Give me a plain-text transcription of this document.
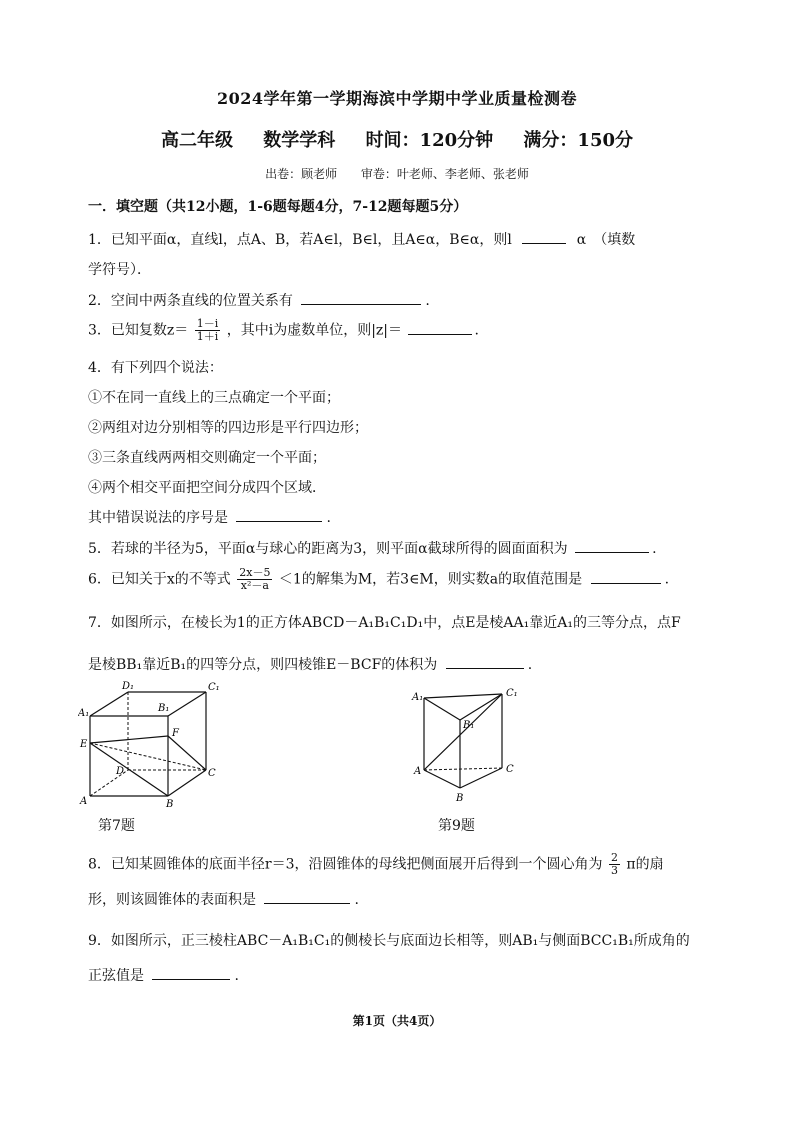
2024学年第一学期海滨中学期中学业质量检测卷
高二年级 数学学科 时间：120分钟 满分：150分
出卷：顾老师 审卷：叶老师、李老师、张老师
一．填空题（共12小题，1-6题每题4分，7-12题每题5分）
1．已知平面α，直线l，点A、B，若A∈l，B∈l，且A∈α，B∈α，则l	α　（填数
学符号）．
2．空间中两条直线的位置关系有	.
3．已知复数$z= \frac{1-i}{1+i}$ ，其中i为虚数单位，则|z|＝	.
4．有下列四个说法：
①不在同一直线上的三点确定一个平面；
②两组对边分别相等的四边形是平行四边形；
③三条直线两两相交则确定一个平面；
④两个相交平面把空间分成四个区域．
其中错误说法的序号是	.
5．若球的半径为5，平面α与球心的距离为3，则平面α截球所得的圆面面积为	.
6．已知关于x的不等式 $\frac{2x-5}{\text{x²－a}} <1$的解集为M，若3∈M，则实数a的取值范围是	.
7．如图所示，在棱长为1的正方体ABCD－A₁B₁C₁D₁中，点E是棱AA₁靠近A₁的三等分点，点F
是棱BB₁靠近B₁的四等分点，则四棱锥E－BCF的体积为	.
D₁	C₁
A₁	B₁
E
F
D	C
A	B
第7题
A₁	C₁
B₁
A	C
B
第9题
8．已知某圆锥体的底面半径r＝3，沿圆锥体的母线把侧面展开后得到一个圆心角为 $\frac{2}{3}$ π的扇
形，则该圆锥体的表面积是	.
9．如图所示，正三棱柱ABC－A₁B₁C₁的侧棱长与底面边长相等，则AB₁与侧面BCC₁B₁所成角的
正弦值是	.
第1页（共4页）
